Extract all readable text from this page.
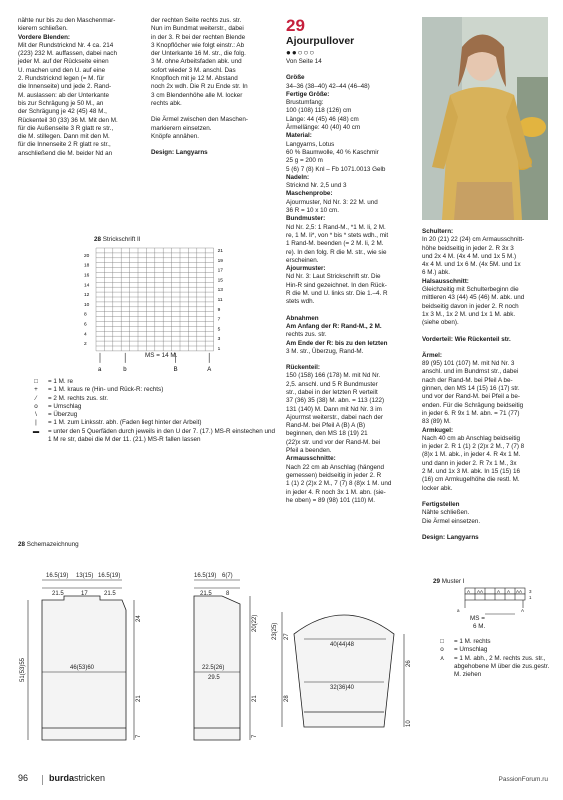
nähte nur bis zu den Maschenmar-
kierern schließen.
Vordere Blenden:
Mit der Rundstricknd Nr. 4 ca. 214
(223) 232 M. auffassen, dabei nach
jeder M. auf der Rückseite einen
U. machen und den U. auf eine
2. Rundstricknd legen (= M. für
die Innenseite) und jede 2. Rand-
M. auslassen: ab der Unterkante
bis zur Schrägung je 50 M., an
der Schrägung je 42 (45) 48 M.,
Rückenteil 30 (33) 36 M. Mit den M.
für die Außenseite 3 R glatt re str.,
die M. stillegen. Dann mit den M.
für die Innenseite 2 R glatt re str.,
anschließend die M. beider Nd an
der rechten Seite rechts zus. str.
Nun im Bundmat weiterstr., dabei
in der 3. R bei der rechten Blende
3 Knopflöcher wie folgt einstr.: Ab
der Unterkante 16 M. str., die folg.
3 M. ohne Arbeitsfaden abk. und
sofort wieder 3 M. anschl. Das
Knopfloch mit je 12 M. Abstand
noch 2x wdh. Die R zu Ende str. In
3 cm Blendenhöhe alle M. locker
rechts abk.
Die Ärmel zwischen den Maschen-
markierern einsetzen.
Knöpfe annähen.
Design: Langyarns
29
Ajourpullover
●●○○○
Von Seite 14
Größe
34–36 (38–40) 42–44 (46–48)
Fertige Größe:
Brustumfang:
100 (108) 118 (126) cm
Länge: 44 (45) 46 (48) cm
Ärmellänge: 40 (40) 40 cm
Material:
Langyarns, Lotus
60 % Baumwolle, 40 % Kaschmir
25 g = 200 m
5 (6) 7 (8) Knl – Fb 1071.0013 Gelb
Nadeln:
Stricknd Nr. 2,5 und 3
Maschenprobe:
Ajourmuster, Nd Nr. 3: 22 M. und
36 R = 10 x 10 cm.
Bundmuster:
Nd Nr. 2,5: 1 Rand-M., *1 M. li, 2 M.
re, 1 M. li*, von * bis * stets wdh., mit
1 Rand-M. beenden (= 2 M. li, 2 M.
re). In den folg. R die M. str., wie sie
erscheinen.
Ajourmuster:
Nd Nr. 3: Laut Strickschrift str. Die
Hin-R sind gezeichnet. In den Rück-
R die M. und U. links str. Die 1.–4. R
stets wdh.
Abnahmen
Am Anfang der R: Rand-M., 2 M.
rechts zus. str.
Am Ende der R: bis zu den letzten
3 M. str., Überzug, Rand-M.
Rückenteil:
150 (158) 166 (178) M. mit Nd Nr.
2,5. anschl. und 5 R Bundmuster
str., dabei in der letzten R verteilt
37 (36) 35 (38) M. abn. = 113 (122)
131 (140) M. Dann mit Nd Nr. 3 im
Ajourmst weiterstr., dabei nach der
Rand-M. bei Pfeil A (B) A (B)
beginnen, den MS 18 (19) 21
(22)x str. und vor der Rand-M. bei
Pfeil a beenden.
Armausschnitte:
Nach 22 cm ab Anschlag (hängend
gemessen) beidseitig in jeder 2. R
1 (1) 2 (2)x 2 M., 7 (7) 8 (8)x 1 M. und
in jeder 4. R noch 3x 1 M. abn. (sie-
he oben) = 89 (98) 101 (110) M.
Schultern:
In 20 (21) 22 (24) cm Armausschnitt-
höhe beidseitig in jeder 2. R 3x 3
und 2x 4 M. (4x 4 M. und 1x 5 M.)
4x 4 M. und 1x 6 M. (4x 5M. und 1x
6 M.) abk.
Halsausschnitt:
Gleichzeitig mit Schulterbeginn die
mittleren 43 (44) 45 (46) M. abk. und
beidseitig davon in jeder 2. R noch
1x 3 M., 1x 2 M. und 1x 1 M. abk.
(siehe oben).
Vorderteil: Wie Rückenteil str.
Ärmel:
89 (95) 101 (107) M. mit Nd Nr. 3
anschl. und im Bundmst str., dabei
nach der Rand-M. bei Pfeil A be-
ginnen, den MS 14 (15) 16 (17) str.
und vor der Rand-M. bei Pfeil a be-
enden. Für die Schrägung beidseitig
in jeder 6. R 9x 1 M. abn. = 71 (77)
83 (89) M.
Armkugel:
Nach 40 cm ab Anschlag beidseitig
in jeder 2. R 1 (1) 2 (2)x 2 M., 7 (7) 8
(8)x 1 M. abk., in jeder 4. R 4x 1 M.
und dann in jeder 2. R 7x 1 M., 3x
2 M. und 1x 3 M. abk. In 15 (15) 16
(16) cm Armkugelhöhe die restl. M.
locker abk.
Fertigstellen
Nähte schließen.
Die Ärmel einsetzen.
Design: Langyarns
28 Strickschrift II
20
18
16
14
12
10
8
6
4
2
21
19
17
15
13
11
9
7
5
3
1
a	b	B	A
MS = 14 M.
□	= 1 M. re
+	= 1 M. kraus re (Hin- und Rück-R: rechts)
⁄	= 2 M. rechts zus. str.
o	= Umschlag
\	= Überzug
|	= 1 M. zum Linksstr. abh. (Faden liegt hinter der Arbeit)
▬	= unter den 5 Querfäden durch jeweils in den U der 7. (17.) MS-R einstechen und 1 M re str, dabei die M der 11. (21.) MS-R fallen lassen
28 Schemazeichnung
16.5(19) 13(15) 16.5(19)
21.5	17	21.5
46(53)60
51(53)55
24
21
7
16.5(19) 6(7)
21.5 8
22.5(26)
29.5
20(22)
21
7
23(25) 27
28
40(44)48
32(36)40
26
10
29 Muster I
A AA	A A AA 3
1
a	A
MS =
6 M.
□	= 1 M. rechts
o	= Umschlag
⋏	= 1 M. abh., 2 M. rechts zus. str., abgehobene M über die zus.gestr. M. ziehen
96 burdastricken	PassionForum.ru
